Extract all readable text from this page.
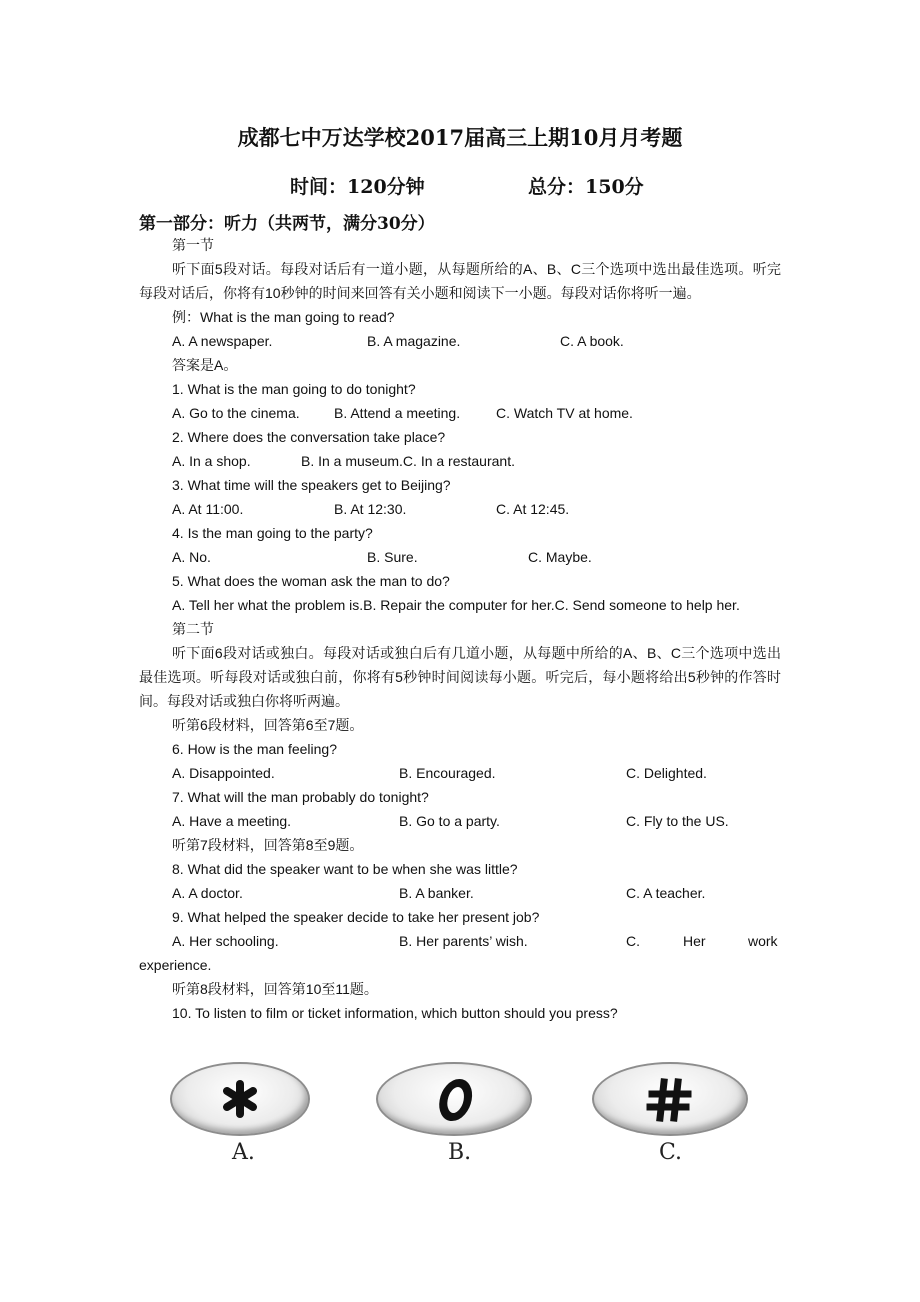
成都七中万达学校2017届高三上期10月月考题
时间：120分钟	总分：150分
第一部分：听力（共两节，满分30分）
第一节
听下面5段对话。每段对话后有一道小题，从每题所给的A、B、C三个选项中选出最佳选项。听完每段对话后，你将有10秒钟的时间来回答有关小题和阅读下一小题。每段对话你将听一遍。
例：What is the man going to read?
A. A newspaper.	B. A magazine.	C. A book.
答案是A。
1. What is the man going to do tonight?
A. Go to the cinema. B. Attend a meeting.	C. Watch TV at home.
2. Where does the conversation take place?
A. In a shop.	B. In a museum.C. In a restaurant.
3. What time will the speakers get to Beijing?
A. At 11:00.	B. At 12:30.	C. At 12:45.
4. Is the man going to the party?
A. No.	B. Sure.	C. Maybe.
5. What does the woman ask the man to do?
A. Tell her what the problem is.B. Repair the computer for her.C. Send someone to help her.
第二节
听下面6段对话或独白。每段对话或独白后有几道小题，从每题中所给的A、B、C三个选项中选出最佳选项。听每段对话或独白前，你将有5秒钟时间阅读每小题。听完后，每小题将给出5秒钟的作答时间。每段对话或独白你将听两遍。
听第6段材料，回答第6至7题。
6. How is the man feeling?
A. Disappointed.	B. Encouraged.	C. Delighted.
7. What will the man probably do tonight?
A. Have a meeting.	B. Go to a party.	C. Fly to the US.
听第7段材料，回答第8至9题。
8. What did the speaker want to be when she was little?
A. A doctor.	B. A banker.	C. A teacher.
9. What helped the speaker decide to take her present job?
A. Her schooling.	B. Her parents’ wish.	C.	Her	work
experience.
听第8段材料，回答第10至11题。
10. To listen to film or ticket information, which button should you press?
A.	B.	C.
